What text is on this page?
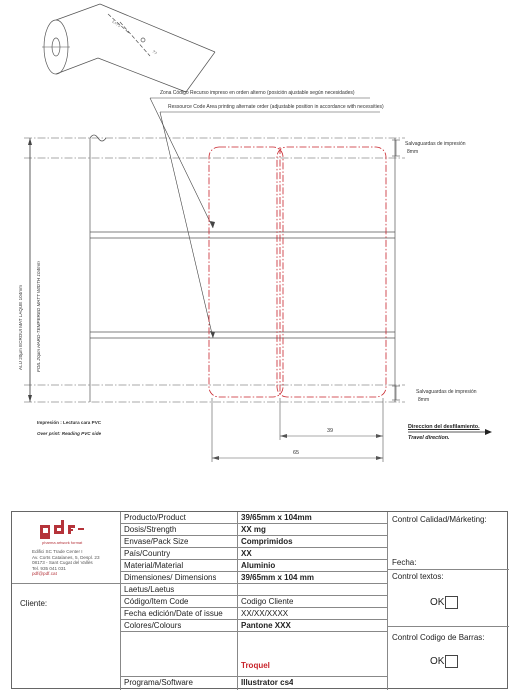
L=??
??
Zona Código Recurso impreso en orden alterno (posición ajustable según necesidades)
Ressource Code Area printing alternate order (adjustable position in accordance with necessities)
Salvaguardas de impresión
8mm
Salvaguardas de impresión
8mm
ALU 20µm ECROUI MAT LAQUE 104mm	FOIL 20µm HARD-TEMPERED MATT WIDTH 104mm
Impresión : Lectura cara PVC
Over print: Reading PVC side	39
65
Direccion del desfilamiento.
Travel direction.
pharma artwork format
Edifici SC Trade Center I
Av. Corts Catalanes, 5, Despl. 23
08173 - Sant Cugat del Vallès
Tel. 935 041 031
pdf@pdf.cat
Cliente:
Producto/Product	39/65mm x 104mm
Dosis/Strength	XX mg
Envase/Pack Size	Comprimidos
País/Country	XX
Material/Material	Aluminio
Dimensiones/ Dimensions	39/65mm x 104 mm
Laetus/Laetus
Código/Item Code	Codigo Cliente
Fecha edición/Date of issue XX/XX/XXXX
Colores/Colours	Pantone XXX
Troquel
Programa/Software	Illustrator cs4
Control Calidad/Márketing:
Fecha:
Control textos:
OK
Control Codigo de Barras:
OK
